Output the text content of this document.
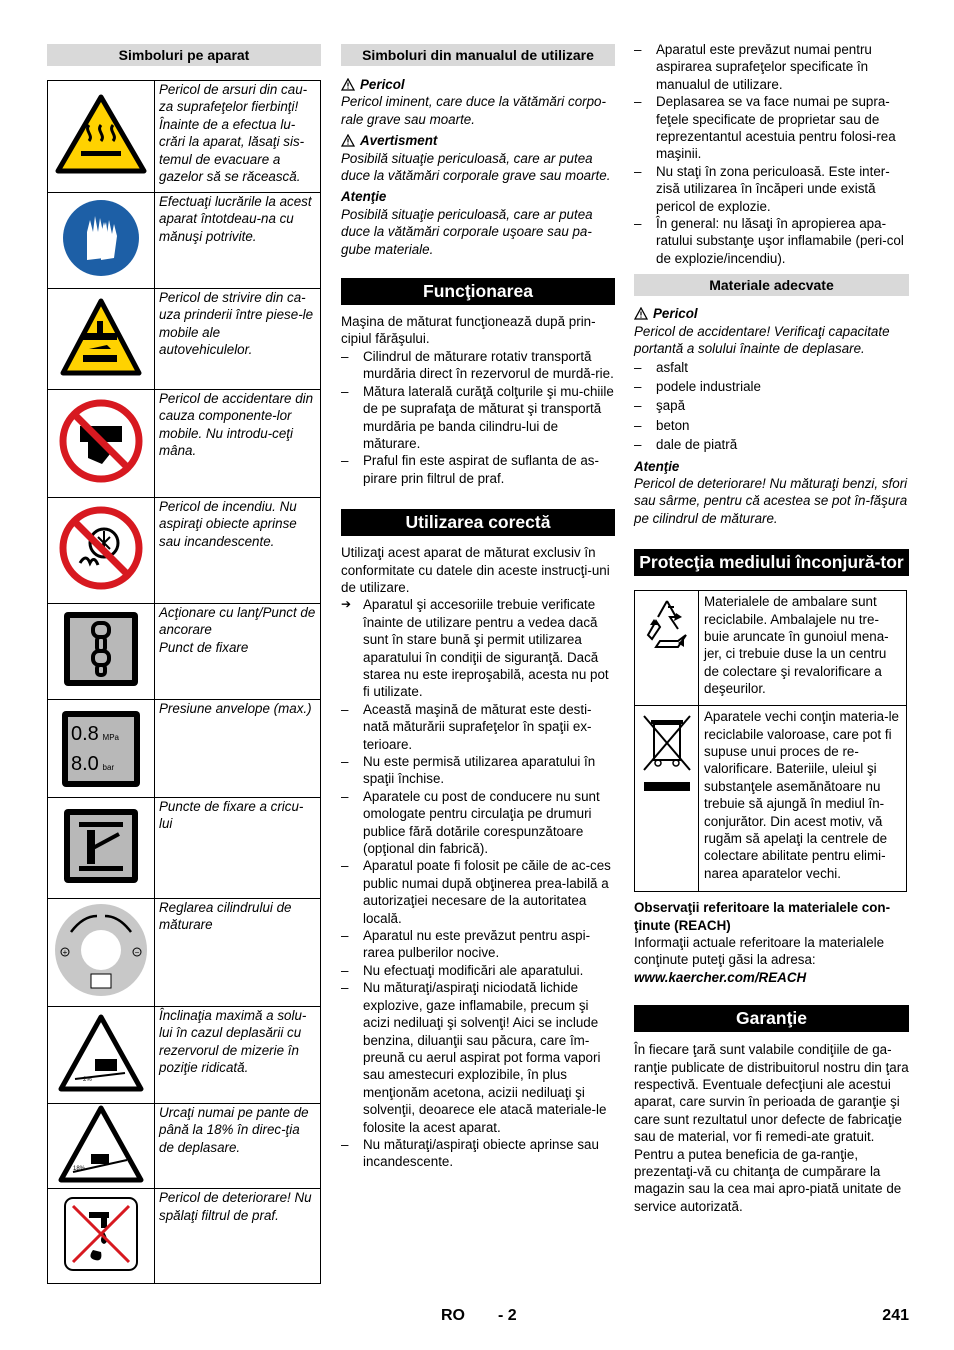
Simboluri pe aparat
	Pericol de arsuri din cau-za suprafeţelor fierbinţi! Înainte de a efectua lu-crări la aparat, lăsaţi sis-temul de evacuare a gazelor să se răcească.
	Efectuaţi lucrările la acest aparat întotdeau-na cu mănuşi potrivite.
	Pericol de strivire din ca-uza prinderii între piese-le mobile ale autovehiculelor.
	Pericol de accidentare din cauza componente-lor mobile. Nu introdu-ceţi mâna.
	Pericol de incendiu. Nu aspiraţi obiecte aprinse sau incandescente.
	Acţionare cu lanţ/Punct de ancorare
Punct de fixare

0.8 MPa
8.0 bar	Presiune anvelope (max.)
	Puncte de fixare a cricu-lui

+ −	Reglarea cilindrului de măturare

2%	Înclinaţia maximă a solu-lui în cazul deplasării cu rezervorul de mizerie în poziţie ridicată.

18%	Urcaţi numai pe pante de până la 18% în direc-ţia de deplasare.
	Pericol de deteriorare! Nu spălaţi filtrul de praf.
Simboluri din manualul de utilizare
Pericol
Pericol iminent, care duce la vătămări corpo-rale grave sau moarte.
Avertisment
Posibilă situaţie periculoasă, care ar putea duce la vătămări corporale grave sau moarte.
Atenţie
Posibilă situaţie periculoasă, care ar putea duce la vătămări corporale uşoare sau pa-gube materiale.
Funcţionarea
Maşina de măturat funcţionează după prin-cipiul fărăşului.
– Cilindrul de măturare rotativ transportă murdăria direct în rezervorul de murdă-rie.
– Mătura laterală curăţă colţurile şi mu-chiile de pe suprafaţa de măturat şi transportă murdăria pe banda cilindru-lui de măturare.
– Praful fin este aspirat de suflanta de as-pirare prin filtrul de praf.
Utilizarea corectă
Utilizaţi acest aparat de măturat exclusiv în conformitate cu datele din aceste instrucţi-uni de utilizare.
➔ Aparatul şi accesoriile trebuie verificate înainte de utilizare pentru a vedea dacă sunt în stare bună şi permit utilizarea aparatului în condiţii de siguranţă. Dacă starea nu este ireproşabilă, acesta nu pot fi utilizate.
– Această maşină de măturat este desti-nată măturării suprafeţelor în spaţii ex-terioare.
– Nu este permisă utilizarea aparatului în spaţii închise.
– Aparatele cu post de conducere nu sunt omologate pentru circulaţia pe drumuri publice fără dotările corespunzătoare (opţional din fabrică).
– Aparatul poate fi folosit pe căile de ac-ces public numai după obţinerea prea-labilă a autorizaţiei necesare de la autoritatea locală.
– Aparatul nu este prevăzut pentru aspi-rarea pulberilor nocive.
– Nu efectuaţi modificări ale aparatului.
– Nu măturaţi/aspiraţi niciodată lichide explozive, gaze inflamabile, precum şi acizi nediluaţi şi solvenţi! Aici se include benzina, diluanţii sau păcura, care îm-preună cu aerul aspirat pot forma vapori sau amestecuri explozibile, în plus menţionăm acetona, acizii nediluaţi şi solvenţii, deoarece ele atacă materiale-le folosite la acest aparat.
– Nu măturaţi/aspiraţi obiecte aprinse sau incandescente.
– Aparatul este prevăzut numai pentru aspirarea suprafeţelor specificate în manualul de utilizare.
– Deplasarea se va face numai pe supra-feţele specificate de proprietar sau de reprezentantul acestuia pentru folosi-rea maşinii.
– Nu staţi în zona periculoasă. Este inter-zisă utilizarea în încăperi unde există pericol de explozie.
– În general: nu lăsaţi în apropierea apa-ratului substanţe uşor inflamabile (peri-col de explozie/incendiu).
Materiale adecvate
Pericol
Pericol de accidentare! Verificaţi capacitate portantă a solului înainte de deplasare.
– asfalt
– podele industriale
– şapă
– beton
– dale de piatră
Atenţie
Pericol de deteriorare! Nu măturaţi benzi, sfori sau sârme, pentru că acestea se pot în-făşura pe cilindrul de măturare.
Protecţia mediului înconjură-tor
	Materialele de ambalare sunt reciclabile. Ambalajele nu tre-buie aruncate în gunoiul mena-jer, ci trebuie duse la un centru de colectare şi revalorificare a deşeurilor.
	Aparatele vechi conţin materia-le reciclabile valoroase, care pot fi supuse unui proces de re-valorificare. Bateriile, uleiul şi substanţele asemănătoare nu trebuie să ajungă în mediul în-conjurător. Din acest motiv, vă rugăm să apelaţi la centrele de colectare abilitate pentru elimi-narea aparatelor vechi.
Observaţii referitoare la materialele con-ţinute (REACH)
Informaţii actuale referitoare la materialele conţinute puteţi găsi la adresa:
www.kaercher.com/REACH
Garanţie
În fiecare ţară sunt valabile condiţiile de ga-ranţie publicate de distribuitorul nostru din ţara respectivă. Eventuale defecţiuni ale acestui aparat, care survin în perioada de garanţie şi care sunt rezultatul unor defecte de fabricaţie sau de material, vor fi remedi-ate gratuit. Pentru a putea beneficia de ga-ranţie, prezentaţi-vă cu chitanţa de cumpărare la magazin sau la cea mai apro-piată unitate de service autorizată.
RO - 2	241
